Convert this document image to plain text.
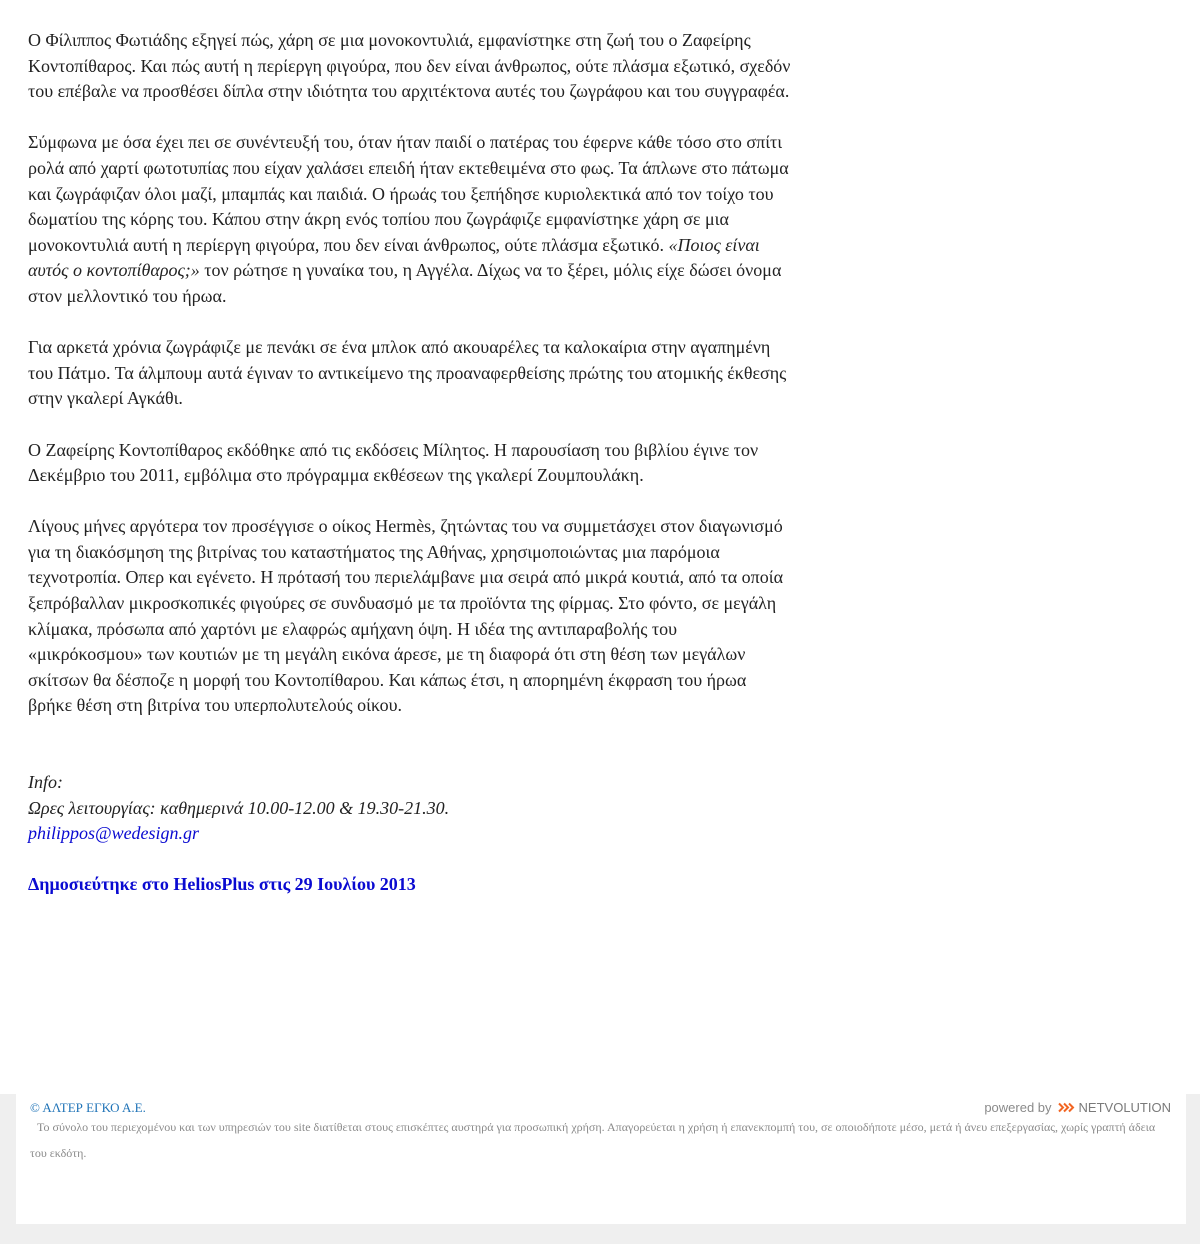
Ο Φίλιππος Φωτιάδης εξηγεί πώς, χάρη σε μια μονοκοντυλιά, εμφανίστηκε στη ζωή του ο Ζαφείρης Κοντοπίθαρος. Και πώς αυτή η περίεργη φιγούρα, που δεν είναι άνθρωπος, ούτε πλάσμα εξωτικό, σχεδόν του επέβαλε να προσθέσει δίπλα στην ιδιότητα του αρχιτέκτονα αυτές του ζωγράφου και του συγγραφέα.

Σύμφωνα με όσα έχει πει σε συνέντευξή του, όταν ήταν παιδί ο πατέρας του έφερνε κάθε τόσο στο σπίτι ρολά από χαρτί φωτοτυπίας που είχαν χαλάσει επειδή ήταν εκτεθειμένα στο φως. Τα άπλωνε στο πάτωμα και ζωγράφιζαν όλοι μαζί, μπαμπάς και παιδιά. Ο ήρωάς του ξεπήδησε κυριολεκτικά από τον τοίχο του δωματίου της κόρης του. Κάπου στην άκρη ενός τοπίου που ζωγράφιζε εμφανίστηκε χάρη σε μια μονοκοντυλιά αυτή η περίεργη φιγούρα, που δεν είναι άνθρωπος, ούτε πλάσμα εξωτικό. «Ποιος είναι αυτός ο κοντοπίθαρος;» τον ρώτησε η γυναίκα του, η Αγγέλα. Δίχως να το ξέρει, μόλις είχε δώσει όνομα στον μελλοντικό του ήρωα.

Για αρκετά χρόνια ζωγράφιζε με πενάκι σε ένα μπλοκ από ακουαρέλες τα καλοκαίρια στην αγαπημένη του Πάτμο. Τα άλμπουμ αυτά έγιναν το αντικείμενο της προαναφερθείσης πρώτης του ατομικής έκθεσης στην γκαλερί Αγκάθι.

Ο Ζαφείρης Κοντοπίθαρος εκδόθηκε από τις εκδόσεις Μίλητος. Η παρουσίαση του βιβλίου έγινε τον Δεκέμβριο του 2011, εμβόλιμα στο πρόγραμμα εκθέσεων της γκαλερί Ζουμπουλάκη.

Λίγους μήνες αργότερα τον προσέγγισε ο οίκος Hermès, ζητώντας του να συμμετάσχει στον διαγωνισμό για τη διακόσμηση της βιτρίνας του καταστήματος της Αθήνας, χρησιμοποιώντας μια παρόμοια τεχνοτροπία. Οπερ και εγένετο. Η πρότασή του περιελάμβανε μια σειρά από μικρά κουτιά, από τα οποία ξεπρόβαλλαν μικροσκοπικές φιγούρες σε συνδυασμό με τα προϊόντα της φίρμας. Στο φόντο, σε μεγάλη κλίμακα, πρόσωπα από χαρτόνι με ελαφρώς αμήχανη όψη. Η ιδέα της αντιπαραβολής του «μικρόκοσμου» των κουτιών με τη μεγάλη εικόνα άρεσε, με τη διαφορά ότι στη θέση των μεγάλων σκίτσων θα δέσποζε η μορφή του Κοντοπίθαρου. Και κάπως έτσι, η απορημένη έκφραση του ήρωα βρήκε θέση στη βιτρίνα του υπερπολυτελούς οίκου.

Info:
Ωρες λειτουργίας: καθημερινά 10.00-12.00 & 19.30-21.30.
philippos@wedesign.gr
Δημοσιεύτηκε στο HeliosPlus στις 29 Ιουλίου 2013
© ΑΛΤΕΡ ΕΓΚΟ Α.Ε.	powered by NETVOLUTION
Το σύνολο του περιεχομένου και των υπηρεσιών του site διατίθεται στους επισκέπτες αυστηρά για προσωπική χρήση. Απαγορεύεται η χρήση ή επανεκπομπή του, σε οποιοδήποτε μέσο, μετά ή άνευ επεξεργασίας, χωρίς γραπτή άδεια του εκδότη.
